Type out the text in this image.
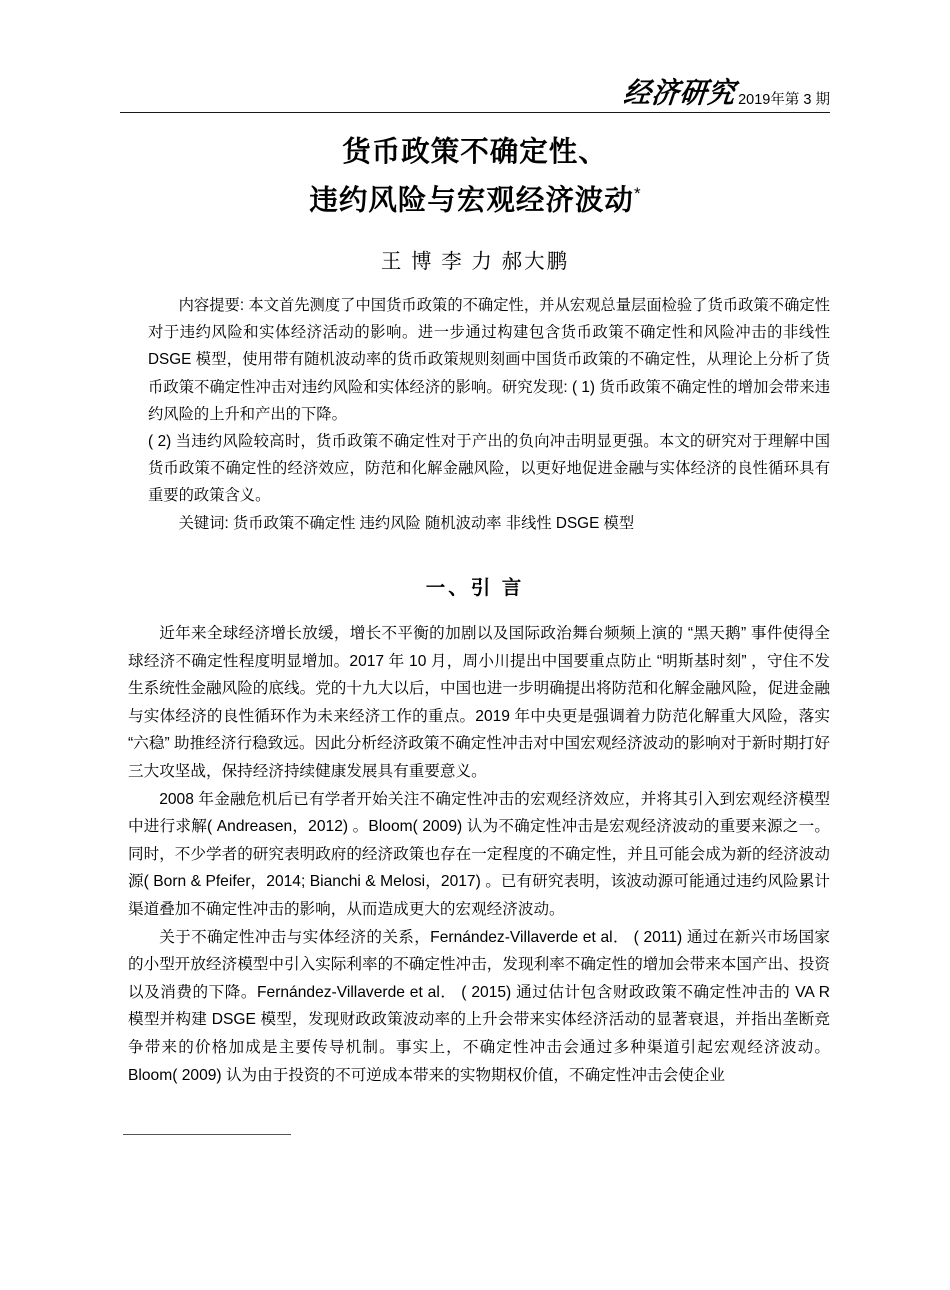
经济研究 2019年第 3 期
货币政策不确定性、
违约风险与宏观经济波动*
王 博 李 力 郝大鹏

内容提要: 本文首先测度了中国货币政策的不确定性，并从宏观总量层面检验了货币政策不确定性对于违约风险和实体经济活动的影响。进一步通过构建包含货币政策不确定性和风险冲击的非线性 DSGE 模型，使用带有随机波动率的货币政策规则刻画中国货币政策的不确定性，从理论上分析了货币政策不确定性冲击对违约风险和实体经济的影响。研究发现: ( 1) 货币政策不确定性的增加会带来违约风险的上升和产出的下降。

( 2) 当违约风险较高时，货币政策不确定性对于产出的负向冲击明显更强。本文的研究对于理解中国货币政策不确定性的经济效应，防范和化解金融风险，以更好地促进金融与实体经济的良性循环具有重要的政策含义。

关键词: 货币政策不确定性 违约风险 随机波动率 非线性 DSGE 模型

一、引 言

近年来全球经济增长放缓，增长不平衡的加剧以及国际政治舞台频频上演的 “黑天鹅” 事件使得全球经济不确定性程度明显增加。2017 年 10 月，周小川提出中国要重点防止 “明斯基时刻” ，守住不发生系统性金融风险的底线。党的十九大以后，中国也进一步明确提出将防范和化解金融风险，促进金融与实体经济的良性循环作为未来经济工作的重点。2019 年中央更是强调着力防范化解重大风险，落实 “六稳” 助推经济行稳致远。因此分析经济政策不确定性冲击对中国宏观经济波动的影响对于新时期打好三大攻坚战，保持经济持续健康发展具有重要意义。

2008 年金融危机后已有学者开始关注不确定性冲击的宏观经济效应，并将其引入到宏观经济模型中进行求解( Andreasen，2012) 。Bloom( 2009) 认为不确定性冲击是宏观经济波动的重要来源之一。同时，不少学者的研究表明政府的经济政策也存在一定程度的不确定性，并且可能会成为新的经济波动源( Born & Pfeifer，2014; Bianchi & Melosi，2017) 。已有研究表明，该波动源可能通过违约风险累计渠道叠加不确定性冲击的影响，从而造成更大的宏观经济波动。

关于不确定性冲击与实体经济的关系，Fernández-Villaverde et al． ( 2011) 通过在新兴市场国家的小型开放经济模型中引入实际利率的不确定性冲击，发现利率不确定性的增加会带来本国产出、投资以及消费的下降。Fernández-Villaverde et al． ( 2015) 通过估计包含财政政策不确定性冲击的 VA R 模型并构建 DSGE 模型，发现财政政策波动率的上升会带来实体经济活动的显著衰退，并指出垄断竞争带来的价格加成是主要传导机制。事实上，不确定性冲击会通过多种渠道引起宏观经济波动。Bloom( 2009) 认为由于投资的不可逆成本带来的实物期权价值，不确定性冲击会使企业
